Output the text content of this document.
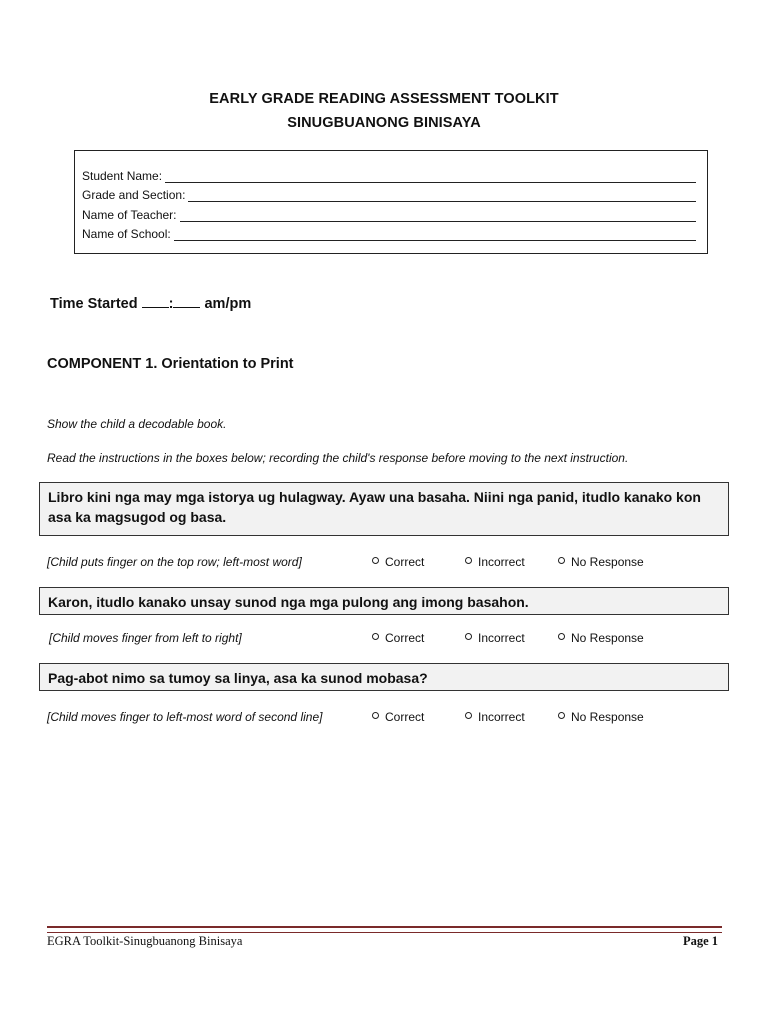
EARLY GRADE READING ASSESSMENT TOOLKIT
SINUGBUANONG BINISAYA
Student Name:
Grade and Section:
Name of Teacher:
Name of School:
Time Started : am/pm
COMPONENT 1. Orientation to Print
Show the child a decodable book.
Read the instructions in the boxes below; recording the child's response before moving to the next instruction.
Libro kini nga may mga istorya ug hulagway. Ayaw una basaha. Niini nga panid, itudlo kanako kon asa ka magsugod og basa.
[Child puts finger on the top row; left-most word]	Correct	Incorrect	No Response
Karon, itudlo kanako unsay sunod nga mga pulong ang imong basahon.
[Child moves finger from left to right]	Correct	Incorrect	No Response
Pag-abot nimo sa tumoy sa linya, asa ka sunod mobasa?
[Child moves finger to left-most word of second line]	Correct	Incorrect	No Response
EGRA Toolkit-Sinugbuanong Binisaya	Page 1
